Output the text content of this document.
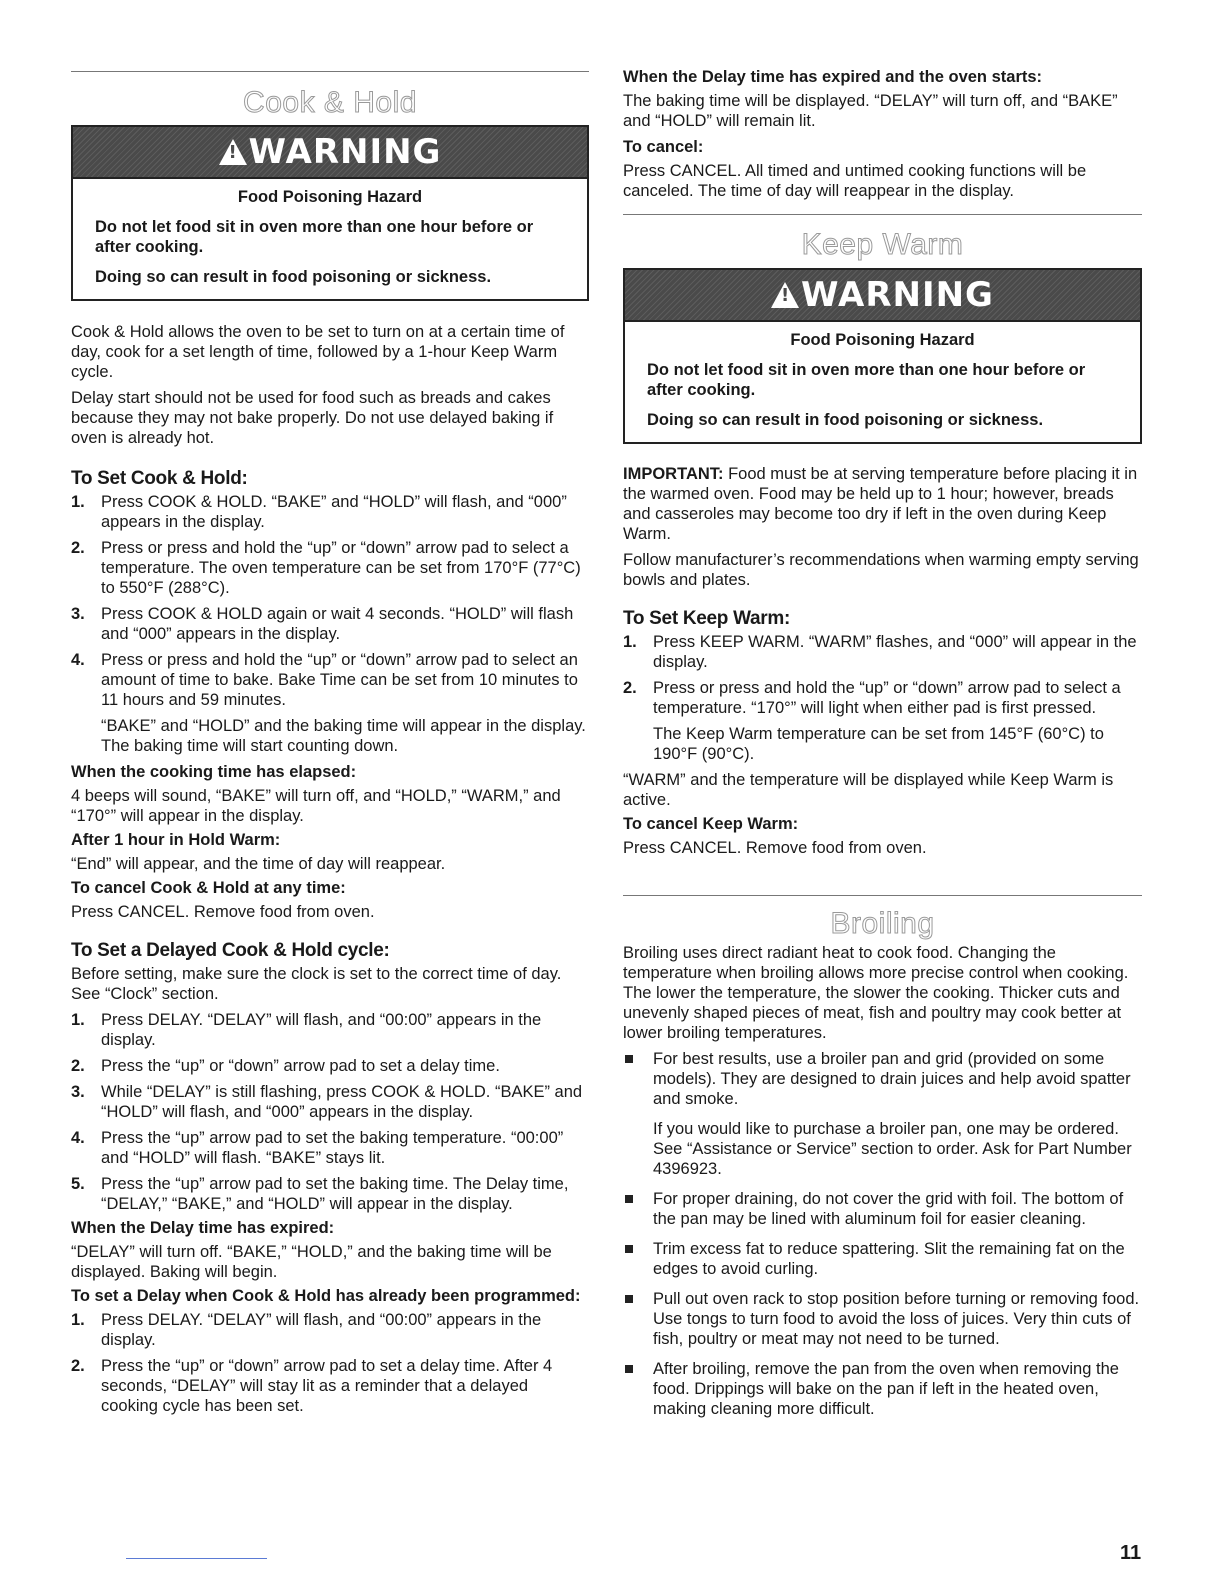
Cook & Hold
!
WARNING
Food Poisoning Hazard

Do not let food sit in oven more than one hour before or after cooking.

Doing so can result in food poisoning or sickness.

Cook & Hold allows the oven to be set to turn on at a certain time of day, cook for a set length of time, followed by a 1-hour Keep Warm cycle.

Delay start should not be used for food such as breads and cakes because they may not bake properly. Do not use delayed baking if oven is already hot.

To Set Cook & Hold:
1. Press COOK & HOLD. “BAKE” and “HOLD” will flash, and “000” appears in the display.
2. Press or press and hold the “up” or “down” arrow pad to select a temperature. The oven temperature can be set from 170°F (77°C) to 550°F (288°C).
3. Press COOK & HOLD again or wait 4 seconds. “HOLD” will flash and “000” appears in the display.
4. Press or press and hold the “up” or “down” arrow pad to select an amount of time to bake. Bake Time can be set from 10 minutes to 11 hours and 59 minutes.
“BAKE” and “HOLD” and the baking time will appear in the display. The baking time will start counting down.
When the cooking time has elapsed:

4 beeps will sound, “BAKE” will turn off, and “HOLD,” “WARM,” and “170°” will appear in the display.

After 1 hour in Hold Warm:

“End” will appear, and the time of day will reappear.

To cancel Cook & Hold at any time:

Press CANCEL. Remove food from oven.

To Set a Delayed Cook & Hold cycle:

Before setting, make sure the clock is set to the correct time of day. See “Clock” section.

1. Press DELAY. “DELAY” will flash, and “00:00” appears in the display.
2. Press the “up” or “down” arrow pad to set a delay time.
3. While “DELAY” is still flashing, press COOK & HOLD. “BAKE” and “HOLD” will flash, and “000” appears in the display.
4. Press the “up” arrow pad to set the baking temperature. “00:00” and “HOLD” will flash. “BAKE” stays lit.
5. Press the “up” arrow pad to set the baking time. The Delay time, “DELAY,” “BAKE,” and “HOLD” will appear in the display.
When the Delay time has expired:

“DELAY” will turn off. “BAKE,” “HOLD,” and the baking time will be displayed. Baking will begin.

To set a Delay when Cook & Hold has already been programmed:
1. Press DELAY. “DELAY” will flash, and “00:00” appears in the display.
2. Press the “up” or “down” arrow pad to set a delay time. After 4 seconds, “DELAY” will stay lit as a reminder that a delayed cooking cycle has been set.
When the Delay time has expired and the oven starts:

The baking time will be displayed. “DELAY” will turn off, and “BAKE” and “HOLD” will remain lit.

To cancel:

Press CANCEL. All timed and untimed cooking functions will be canceled. The time of day will reappear in the display.

Keep Warm
!
WARNING
Food Poisoning Hazard

Do not let food sit in oven more than one hour before or after cooking.

Doing so can result in food poisoning or sickness.

IMPORTANT: Food must be at serving temperature before placing it in the warmed oven. Food may be held up to 1 hour; however, breads and casseroles may become too dry if left in the oven during Keep Warm.

Follow manufacturer’s recommendations when warming empty serving bowls and plates.

To Set Keep Warm:
1. Press KEEP WARM. “WARM” flashes, and “000” will appear in the display.
2. Press or press and hold the “up” or “down” arrow pad to select a temperature. “170°” will light when either pad is first pressed.
The Keep Warm temperature can be set from 145°F (60°C) to 190°F (90°C).

“WARM” and the temperature will be displayed while Keep Warm is active.

To cancel Keep Warm:

Press CANCEL. Remove food from oven.

Broiling

Broiling uses direct radiant heat to cook food. Changing the temperature when broiling allows more precise control when cooking. The lower the temperature, the slower the cooking. Thicker cuts and unevenly shaped pieces of meat, fish and poultry may cook better at lower broiling temperatures.

For best results, use a broiler pan and grid (provided on some models). They are designed to drain juices and help avoid spatter and smoke.
If you would like to purchase a broiler pan, one may be ordered. See “Assistance or Service” section to order. Ask for Part Number 4396923.
For proper draining, do not cover the grid with foil. The bottom of the pan may be lined with aluminum foil for easier cleaning.
Trim excess fat to reduce spattering. Slit the remaining fat on the edges to avoid curling.
Pull out oven rack to stop position before turning or removing food. Use tongs to turn food to avoid the loss of juices. Very thin cuts of fish, poultry or meat may not need to be turned.
After broiling, remove the pan from the oven when removing the food. Drippings will bake on the pan if left in the heated oven, making cleaning more difficult.
11
